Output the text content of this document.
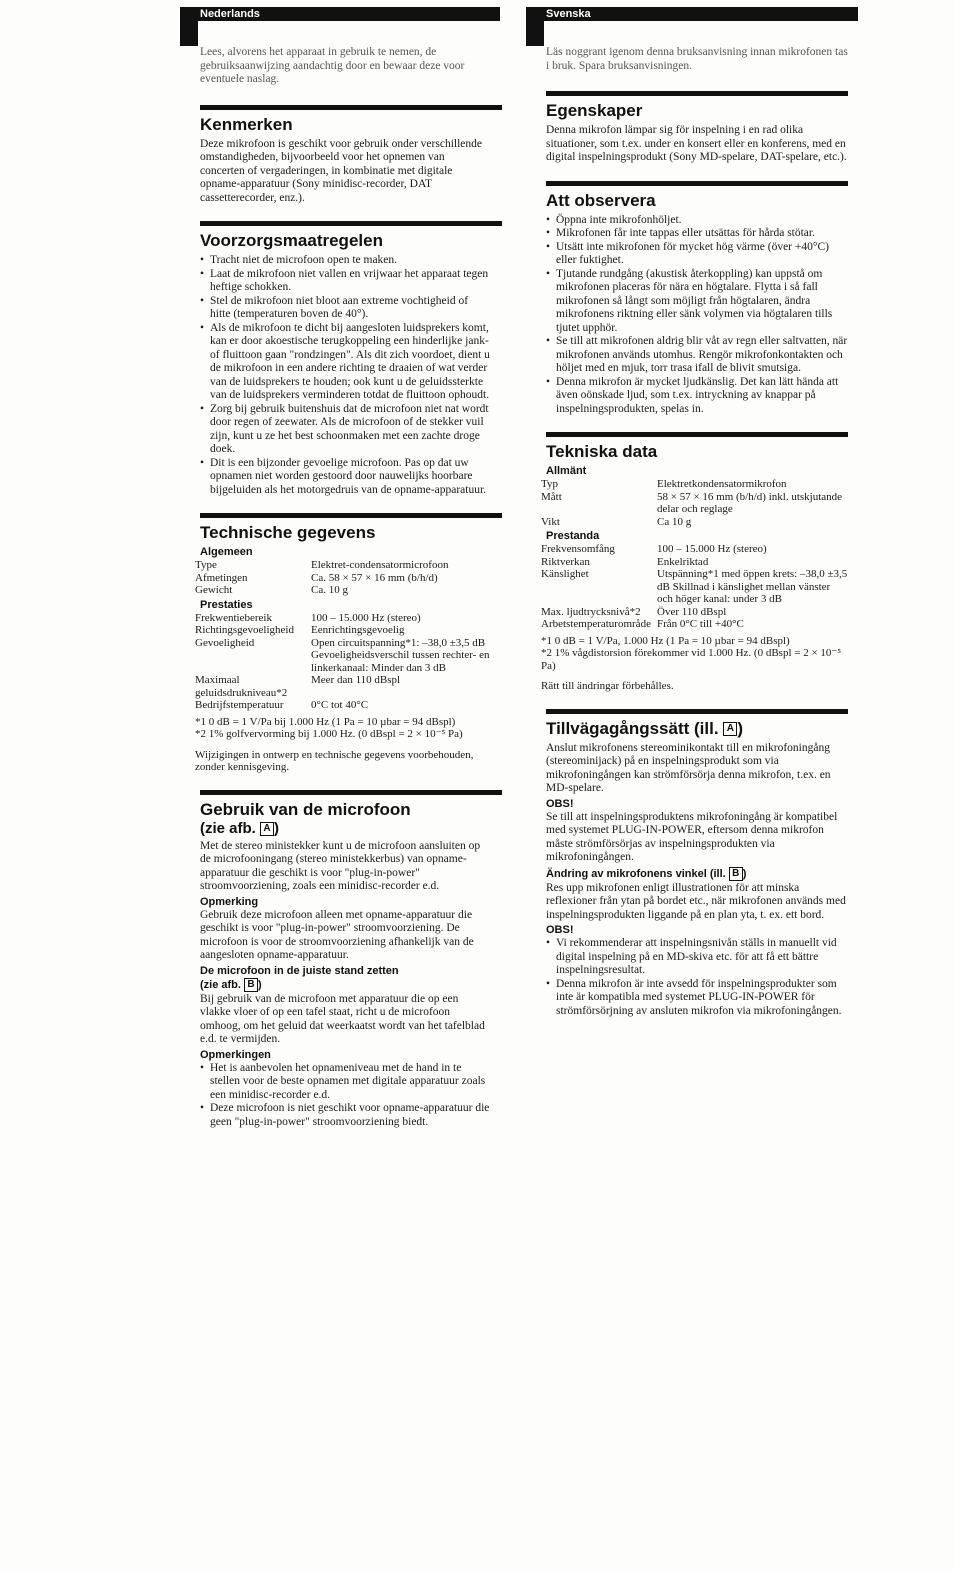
Nederlands

Lees, alvorens het apparaat in gebruik te nemen, de gebruiksaanwijzing aandachtig door en bewaar deze voor eventuele naslag.

Kenmerken

Deze mikrofoon is geschikt voor gebruik onder verschillende omstandigheden, bijvoorbeeld voor het opnemen van concerten of vergaderingen, in kombinatie met digitale opname-apparatuur (Sony minidisc-recorder, DAT cassetterecorder, enz.).

Voorzorgsmaatregelen
• Tracht niet de microfoon open te maken.
• Laat de mikrofoon niet vallen en vrijwaar het apparaat tegen heftige schokken.
• Stel de mikrofoon niet bloot aan extreme vochtigheid of hitte (temperaturen boven de 40°).
• Als de mikrofoon te dicht bij aangesloten luidsprekers komt, kan er door akoestische terugkoppeling een hinderlijke jank- of fluittoon gaan "rondzingen". Als dit zich voordoet, dient u de mikrofoon in een andere richting te draaien of wat verder van de luidsprekers te houden; ook kunt u de geluidssterkte van de luidsprekers verminderen totdat de fluittoon ophoudt.
• Zorg bij gebruik buitenshuis dat de microfoon niet nat wordt door regen of zeewater. Als de microfoon of de stekker vuil zijn, kunt u ze het best schoonmaken met een zachte droge doek.
• Dit is een bijzonder gevoelige microfoon. Pas op dat uw opnamen niet worden gestoord door nauwelijks hoorbare bijgeluiden als het motorgedruis van de opname-apparatuur.
Technische gegevens
Algemeen
Type	Elektret-condensatormicrofoon
Afmetingen	Ca. 58 × 57 × 16 mm (b/h/d)
Gewicht	Ca. 10 g
Prestaties
Frekwentiebereik	100 – 15.000 Hz (stereo)
Richtingsgevoeligheid	Eenrichtingsgevoelig
Gevoeligheid	Open circuitspanning*1: –38,0 ±3,5 dB Gevoeligheidsverschil tussen rechter- en linkerkanaal: Minder dan 3 dB
Maximaal geluidsdrukniveau*2	Meer dan 110 dBspl
Bedrijfstemperatuur	0°C tot 40°C
*1 0 dB = 1 V/Pa bij 1.000 Hz (1 Pa = 10 µbar = 94 dBspl)
*2 1% golfvervorming bij 1.000 Hz. (0 dBspl = 2 × 10⁻⁵ Pa)
Wijzigingen in ontwerp en technische gegevens voorbehouden, zonder kennisgeving.
Gebruik van de microfoon
(zie afb. A )

Met de stereo ministekker kunt u de microfoon aansluiten op de microfooningang (stereo ministekkerbus) van opname-apparatuur die geschikt is voor "plug-in-power" stroomvoorziening, zoals een minidisc-recorder e.d.

Opmerking

Gebruik deze microfoon alleen met opname-apparatuur die geschikt is voor "plug-in-power" stroomvoorziening. De microfoon is voor de stroomvoorziening afhankelijk van de aangesloten opname-apparatuur.

De microfoon in de juiste stand zetten
(zie afb. B )

Bij gebruik van de microfoon met apparatuur die op een vlakke vloer of op een tafel staat, richt u de microfoon omhoog, om het geluid dat weerkaatst wordt van het tafelblad e.d. te vermijden.

Opmerkingen
• Het is aanbevolen het opnameniveau met de hand in te stellen voor de beste opnamen met digitale apparatuur zoals een minidisc-recorder e.d.
• Deze microfoon is niet geschikt voor opname-apparatuur die geen "plug-in-power" stroomvoorziening biedt.
Svenska

Läs noggrant igenom denna bruksanvisning innan mikrofonen tas i bruk. Spara bruksanvisningen.

Egenskaper

Denna mikrofon lämpar sig för inspelning i en rad olika situationer, som t.ex. under en konsert eller en konferens, med en digital inspelningsprodukt (Sony MD-spelare, DAT-spelare, etc.).

Att observera
• Öppna inte mikrofonhöljet.
• Mikrofonen får inte tappas eller utsättas för hårda stötar.
• Utsätt inte mikrofonen för mycket hög värme (över +40°C) eller fuktighet.
• Tjutande rundgång (akustisk återkoppling) kan uppstå om mikrofonen placeras för nära en högtalare. Flytta i så fall mikrofonen så långt som möjligt från högtalaren, ändra mikrofonens riktning eller sänk volymen via högtalaren tills tjutet upphör.
• Se till att mikrofonen aldrig blir våt av regn eller saltvatten, när mikrofonen används utomhus. Rengör mikrofonkontakten och höljet med en mjuk, torr trasa ifall de blivit smutsiga.
• Denna mikrofon är mycket ljudkänslig. Det kan lätt hända att även oönskade ljud, som t.ex. intryckning av knappar på inspelningsprodukten, spelas in.
Tekniska data
Allmänt
Typ	Elektretkondensatormikrofon
Mått	58 × 57 × 16 mm (b/h/d) inkl. utskjutande delar och reglage
Vikt	Ca 10 g
Prestanda
Frekvensomfång	100 – 15.000 Hz (stereo)
Riktverkan	Enkelriktad
Känslighet	Utspänning*1 med öppen krets: –38,0 ±3,5 dB Skillnad i känslighet mellan vänster och höger kanal: under 3 dB
Max. ljudtrycksnivå*2	Över 110 dBspl
Arbetstemperaturområde	Från 0°C till +40°C
*1 0 dB = 1 V/Pa, 1.000 Hz (1 Pa = 10 µbar = 94 dBspl)
*2 1% vågdistorsion förekommer vid 1.000 Hz. (0 dBspl = 2 × 10⁻⁵ Pa)
Rätt till ändringar förbehålles.
Tillvägagångssätt (ill. A )

Anslut mikrofonens stereominikontakt till en mikrofoningång (stereominijack) på en inspelningsprodukt som via mikrofoningången kan strömförsörja denna mikrofon, t.ex. en MD-spelare.

OBS!

Se till att inspelningsproduktens mikrofoningång är kompatibel med systemet PLUG-IN-POWER, eftersom denna mikrofon måste strömförsörjas av inspelningsprodukten via mikrofoningången.

Ändring av mikrofonens vinkel (ill. B )

Res upp mikrofonen enligt illustrationen för att minska reflexioner från ytan på bordet etc., när mikrofonen används med inspelningsprodukten liggande på en plan yta, t. ex. ett bord.

OBS!
• Vi rekommenderar att inspelningsnivån ställs in manuellt vid digital inspelning på en MD-skiva etc. för att få ett bättre inspelningsresultat.
• Denna mikrofon är inte avsedd för inspelningsprodukter som inte är kompatibla med systemet PLUG-IN-POWER för strömförsörjning av ansluten mikrofon via mikrofoningången.
